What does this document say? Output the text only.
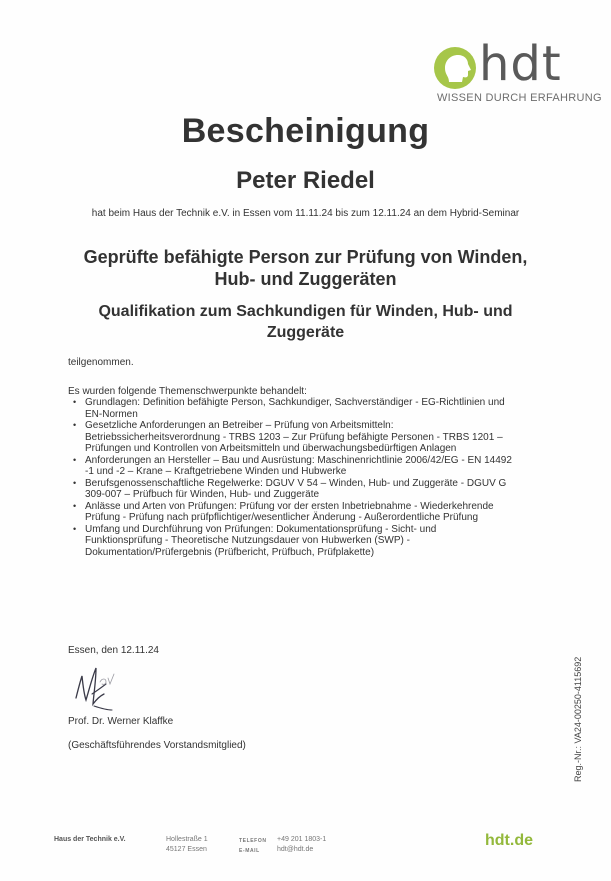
hdt
WISSEN DURCH ERFAHRUNG
Bescheinigung
Peter Riedel
hat beim Haus der Technik e.V. in Essen vom 11.11.24 bis zum 12.11.24 an dem Hybrid-Seminar
Geprüfte befähigte Person zur Prüfung von Winden,
Hub- und Zuggeräten
Qualifikation zum Sachkundigen für Winden, Hub- und
Zuggeräte
teilgenommen.
Es wurden folgende Themenschwerpunkte behandelt:
• Grundlagen: Definition befähigte Person, Sachkundiger, Sachverständiger - EG-Richtlinien und
EN-Normen
• Gesetzliche Anforderungen an Betreiber – Prüfung von Arbeitsmitteln:
Betriebssicherheitsverordnung - TRBS 1203 – Zur Prüfung befähigte Personen - TRBS 1201 –
Prüfungen und Kontrollen von Arbeitsmitteln und überwachungsbedürftigen Anlagen
• Anforderungen an Hersteller – Bau und Ausrüstung: Maschinenrichtlinie 2006/42/EG - EN 14492
-1 und -2 – Krane – Kraftgetriebene Winden und Hubwerke
• Berufsgenossenschaftliche Regelwerke: DGUV V 54 – Winden, Hub- und Zuggeräte - DGUV G
309-007 – Prüfbuch für Winden, Hub- und Zuggeräte
• Anlässe und Arten von Prüfungen: Prüfung vor der ersten Inbetriebnahme - Wiederkehrende
Prüfung - Prüfung nach prüfpflichtiger/wesentlicher Änderung - Außerordentliche Prüfung
• Umfang und Durchführung von Prüfungen: Dokumentationsprüfung - Sicht- und
Funktionsprüfung - Theoretische Nutzungsdauer von Hubwerken (SWP) -
Dokumentation/Prüfergebnis (Prüfbericht, Prüfbuch, Prüfplakette)
Essen, den 12.11.24
Prof. Dr. Werner Klaffke
(Geschäftsführendes Vorstandsmitglied)	Reg.-Nr.: VA24-00250-4115692
Haus der Technik e.V.	Hollestraße 1
45127 Essen
TELEFON
E-MAIL
+49 201 1803-1
hdt@hdt.de
hdt.de
